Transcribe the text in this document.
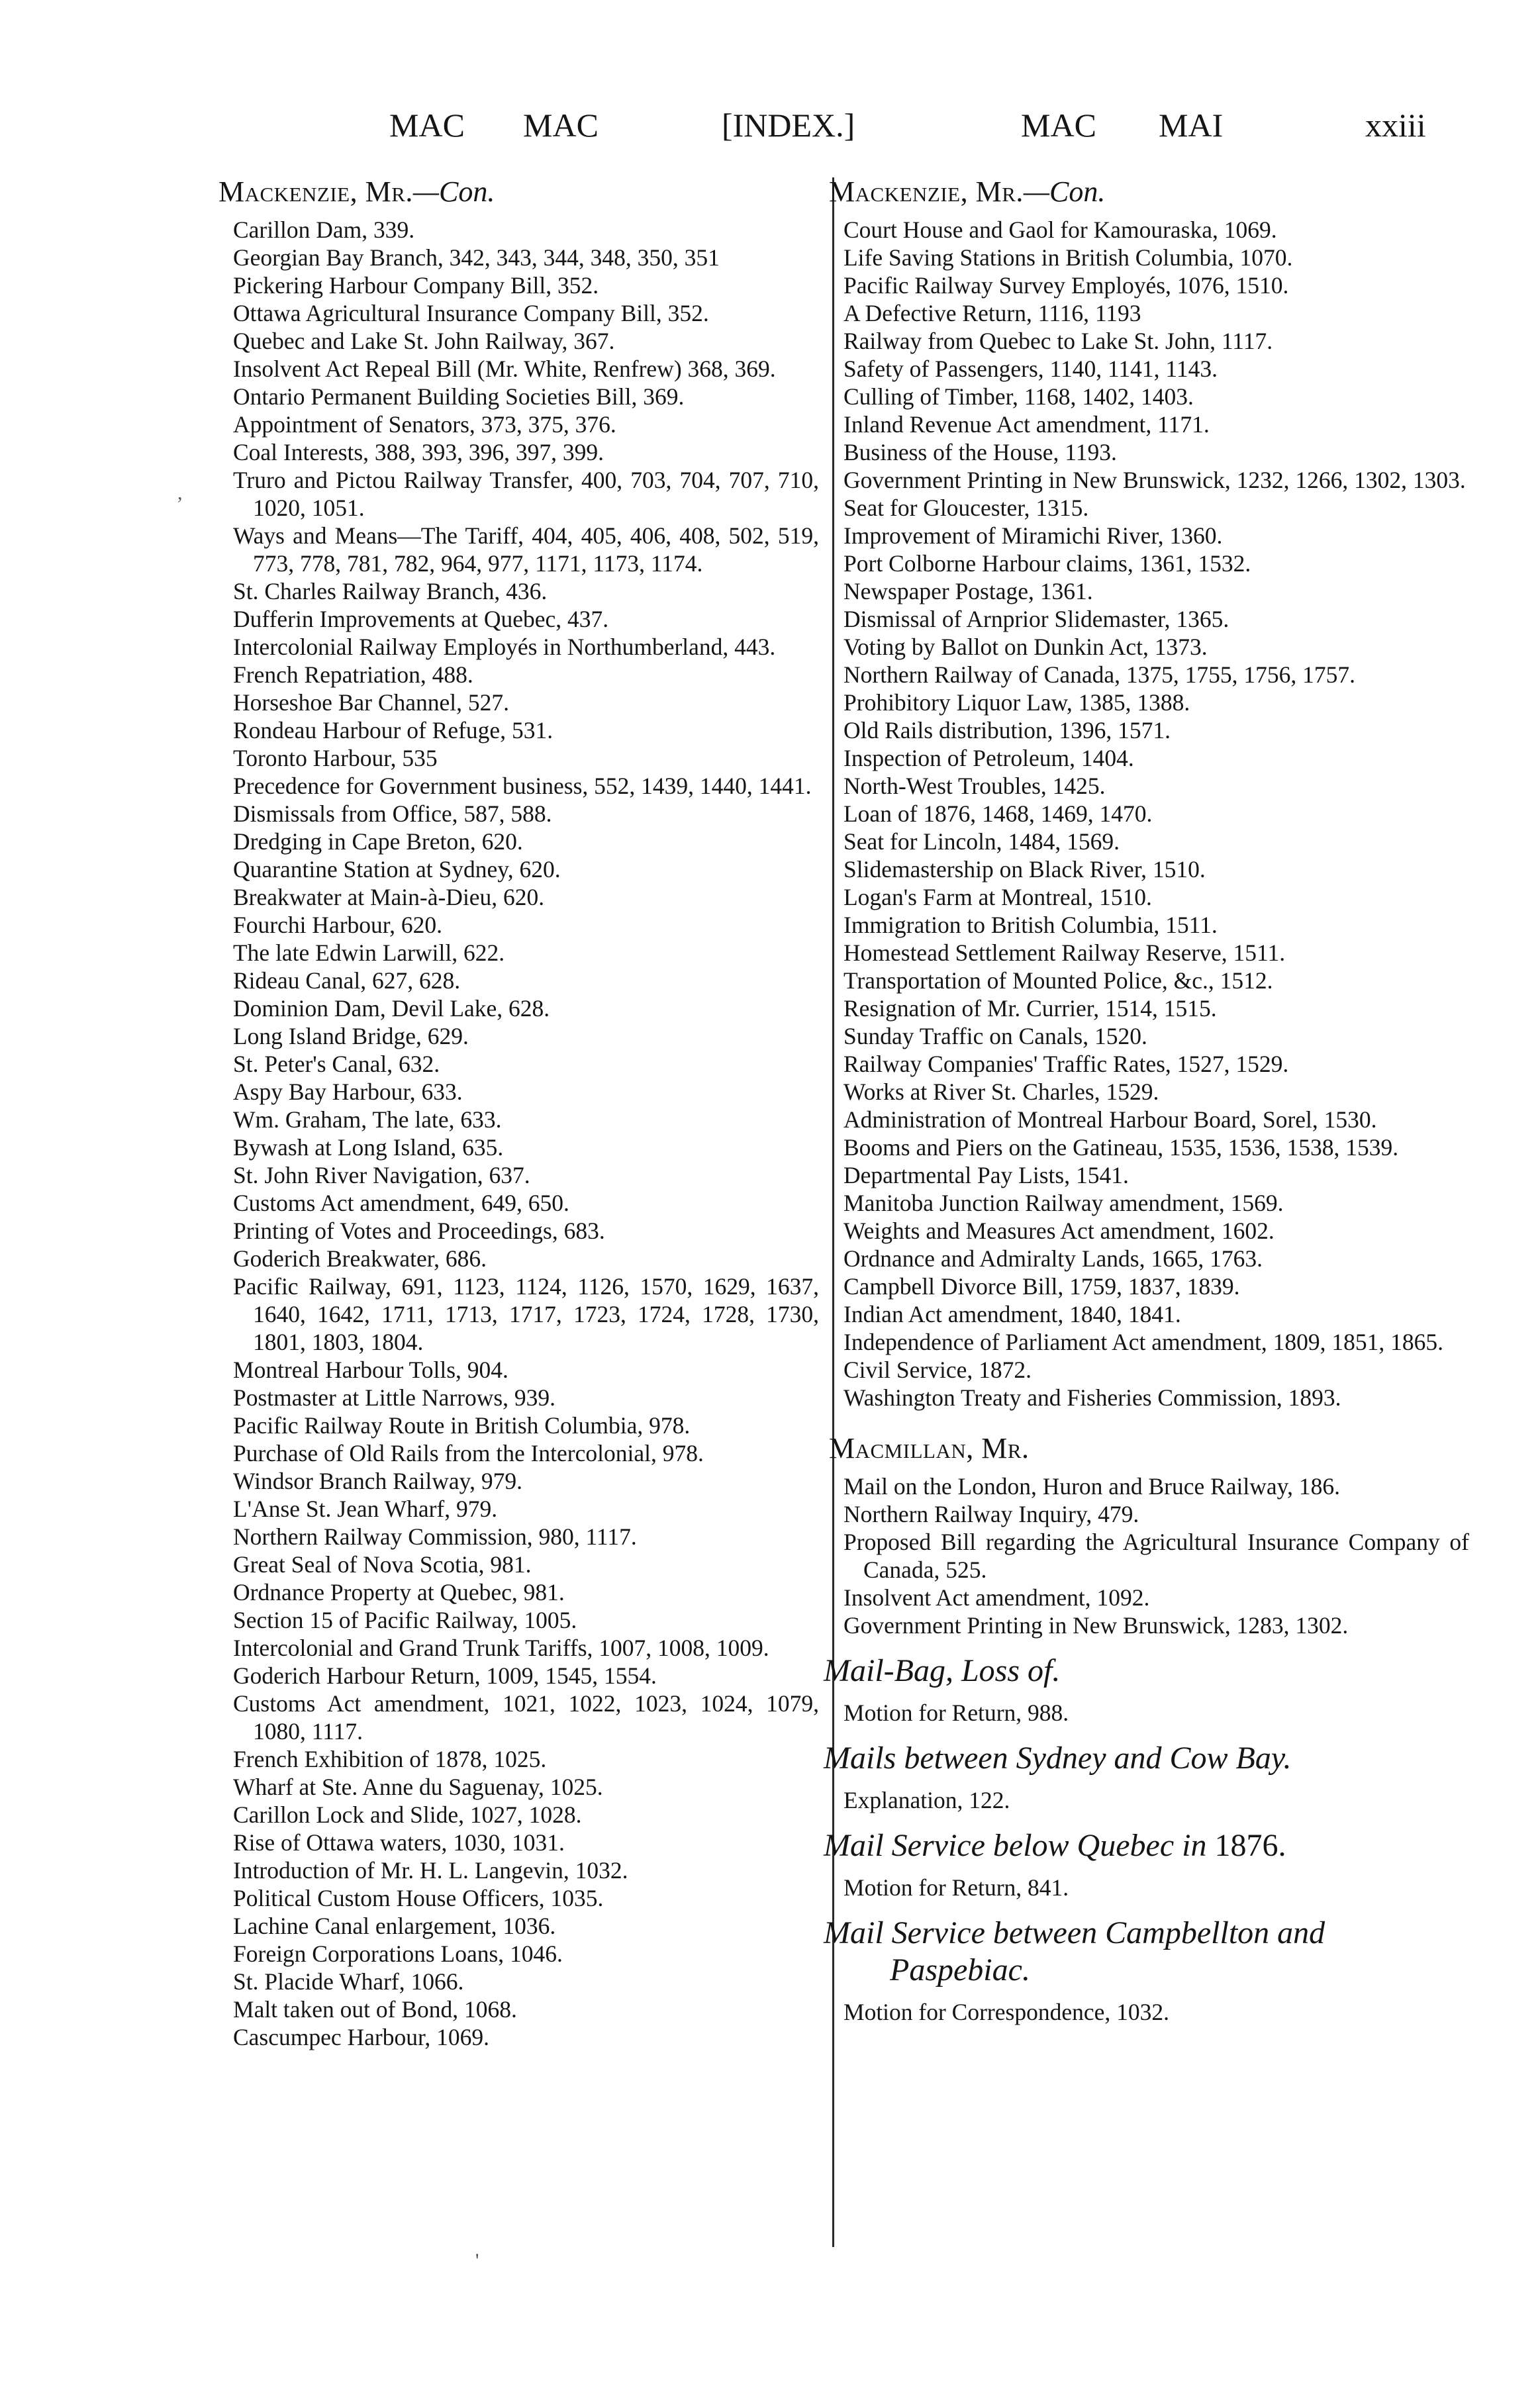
MAC MAC	[INDEX.]	MAC MAI	xxiii
,
Mackenzie, Mr.—Con.
Carillon Dam, 339.
Georgian Bay Branch, 342, 343, 344, 348, 350, 351
Pickering Harbour Company Bill, 352.
Ottawa Agricultural Insurance Company Bill, 352.
Quebec and Lake St. John Railway, 367.
Insolvent Act Repeal Bill (Mr. White, Renfrew) 368, 369.
Ontario Permanent Building Societies Bill, 369.
Appointment of Senators, 373, 375, 376.
Coal Interests, 388, 393, 396, 397, 399.
Truro and Pictou Railway Transfer, 400, 703, 704, 707, 710, 1020, 1051.
Ways and Means—The Tariff, 404, 405, 406, 408, 502, 519, 773, 778, 781, 782, 964, 977, 1171, 1173, 1174.
St. Charles Railway Branch, 436.
Dufferin Improvements at Quebec, 437.
Intercolonial Railway Employés in Northumberland, 443.
French Repatriation, 488.
Horseshoe Bar Channel, 527.
Rondeau Harbour of Refuge, 531.
Toronto Harbour, 535
Precedence for Government business, 552, 1439, 1440, 1441.
Dismissals from Office, 587, 588.
Dredging in Cape Breton, 620.
Quarantine Station at Sydney, 620.
Breakwater at Main-à-Dieu, 620.
Fourchi Harbour, 620.
The late Edwin Larwill, 622.
Rideau Canal, 627, 628.
Dominion Dam, Devil Lake, 628.
Long Island Bridge, 629.
St. Peter's Canal, 632.
Aspy Bay Harbour, 633.
Wm. Graham, The late, 633.
Bywash at Long Island, 635.
St. John River Navigation, 637.
Customs Act amendment, 649, 650.
Printing of Votes and Proceedings, 683.
Goderich Breakwater, 686.
Pacific Railway, 691, 1123, 1124, 1126, 1570, 1629, 1637, 1640, 1642, 1711, 1713, 1717, 1723, 1724, 1728, 1730, 1801, 1803, 1804.
Montreal Harbour Tolls, 904.
Postmaster at Little Narrows, 939.
Pacific Railway Route in British Columbia, 978.
Purchase of Old Rails from the Intercolonial, 978.
Windsor Branch Railway, 979.
L'Anse St. Jean Wharf, 979.
Northern Railway Commission, 980, 1117.
Great Seal of Nova Scotia, 981.
Ordnance Property at Quebec, 981.
Section 15 of Pacific Railway, 1005.
Intercolonial and Grand Trunk Tariffs, 1007, 1008, 1009.
Goderich Harbour Return, 1009, 1545, 1554.
Customs Act amendment, 1021, 1022, 1023, 1024, 1079, 1080, 1117.
French Exhibition of 1878, 1025.
Wharf at Ste. Anne du Saguenay, 1025.
Carillon Lock and Slide, 1027, 1028.
Rise of Ottawa waters, 1030, 1031.
Introduction of Mr. H. L. Langevin, 1032.
Political Custom House Officers, 1035.
Lachine Canal enlargement, 1036.
Foreign Corporations Loans, 1046.
St. Placide Wharf, 1066.
Malt taken out of Bond, 1068.
Cascumpec Harbour, 1069.
Mackenzie, Mr.—Con.
Court House and Gaol for Kamouraska, 1069.
Life Saving Stations in British Columbia, 1070.
Pacific Railway Survey Employés, 1076, 1510.
A Defective Return, 1116, 1193
Railway from Quebec to Lake St. John, 1117.
Safety of Passengers, 1140, 1141, 1143.
Culling of Timber, 1168, 1402, 1403.
Inland Revenue Act amendment, 1171.
Business of the House, 1193.
Government Printing in New Brunswick, 1232, 1266, 1302, 1303.
Seat for Gloucester, 1315.
Improvement of Miramichi River, 1360.
Port Colborne Harbour claims, 1361, 1532.
Newspaper Postage, 1361.
Dismissal of Arnprior Slidemaster, 1365.
Voting by Ballot on Dunkin Act, 1373.
Northern Railway of Canada, 1375, 1755, 1756, 1757.
Prohibitory Liquor Law, 1385, 1388.
Old Rails distribution, 1396, 1571.
Inspection of Petroleum, 1404.
North-West Troubles, 1425.
Loan of 1876, 1468, 1469, 1470.
Seat for Lincoln, 1484, 1569.
Slidemastership on Black River, 1510.
Logan's Farm at Montreal, 1510.
Immigration to British Columbia, 1511.
Homestead Settlement Railway Reserve, 1511.
Transportation of Mounted Police, &c., 1512.
Resignation of Mr. Currier, 1514, 1515.
Sunday Traffic on Canals, 1520.
Railway Companies' Traffic Rates, 1527, 1529.
Works at River St. Charles, 1529.
Administration of Montreal Harbour Board, Sorel, 1530.
Booms and Piers on the Gatineau, 1535, 1536, 1538, 1539.
Departmental Pay Lists, 1541.
Manitoba Junction Railway amendment, 1569.
Weights and Measures Act amendment, 1602.
Ordnance and Admiralty Lands, 1665, 1763.
Campbell Divorce Bill, 1759, 1837, 1839.
Indian Act amendment, 1840, 1841.
Independence of Parliament Act amendment, 1809, 1851, 1865.
Civil Service, 1872.
Washington Treaty and Fisheries Commission, 1893.
Macmillan, Mr.
Mail on the London, Huron and Bruce Railway, 186.
Northern Railway Inquiry, 479.
Proposed Bill regarding the Agricultural Insurance Company of Canada, 525.
Insolvent Act amendment, 1092.
Government Printing in New Brunswick, 1283, 1302.
Mail-Bag, Loss of.
Motion for Return, 988.
Mails between Sydney and Cow Bay.
Explanation, 122.
Mail Service below Quebec in 1876.
Motion for Return, 841.
Mail Service between Campbellton and
Paspebiac.
Motion for Correspondence, 1032.
'
